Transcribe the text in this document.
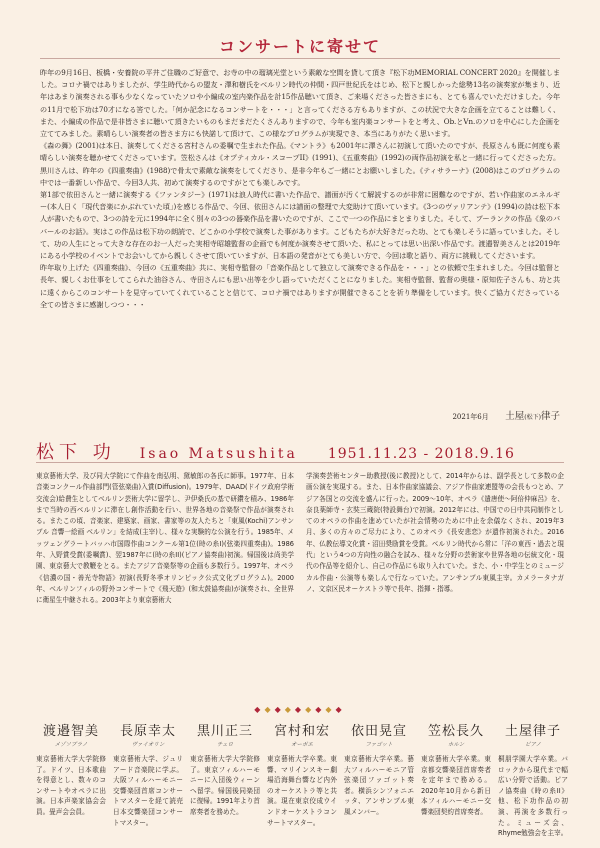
コンサートに寄せて

昨年の9月16日、板橋・安養院の平井ご住職のご好意で、お寺の中の瑠璃光堂という素敵な空間を貸して頂き『松下功MEMORIAL CONCERT 2020』を開催しました。コロナ禍ではありましたが、学生時代からの盟友・澤和樹氏をベルリン時代の仲間・四戸世紀氏をはじめ、松下と親しかった総勢13名の演奏家が集まり、近年はあまり演奏される事も少なくなっていたソロや小編成の室内楽作品を計15作品聴いて頂き、ご来場くださった皆さまにも、とても喜んでいただけました。今年の11月で松下功は70才になる筈でした。「何か記念になるコンサートを・・・」と言ってくださる方もありますが、この状況で大きな企画を立てることは難しく、また、小編成の作品で是非皆さまに聴いて頂きたいものもまだまだたくさんありますので、今年も室内楽コンサートをと考え、Ob.とVn.のソロを中心にした企画を立ててみました。素晴らしい演奏者の皆さま方にも快諾して頂けて、この様なプログラムが実現でき、本当にありがたく思います。

《森の舞》(2001)は本日、演奏してくださる宮村さんの委嘱で生まれた作品。《マントラ》も2001年に澤さんに初演して頂いたのですが、長原さんも既に何度も素晴らしい演奏を聴かせてくださっています。笠松さんは《オプティカル・スコープII》(1991)、《五重奏曲》(1992)の両作品初演を私と一緒に行ってくださった方。黒川さんは、昨年の《四重奏曲》(1988)で骨太で素敵な演奏をしてくださり、是非今年もご一緒にとお願いしました。《ティサラーナ》(2008)はこのプログラムの中では一番新しい作品で、今回3人共、初めて演奏するのですがとても楽しみです。

第1部で依田さんと一緒に演奏する《ファンタジー》(1971)は浪人時代に書いた作品で、譜面が汚くて解読するのが非常に困難なのですが、若い作曲家のエネルギー(本人日く「現代音楽にかぶれていた頃」)を感じる作品で、今回、依田さんには譜面の整理で大変助けて頂いています。《3つのヴァリアンテ》(1994)の詩は松下本人が書いたもので、3つの詩を元に1994年に全く別々の3つの器楽作品を書いたのですが、ここで一つの作品にまとまりました。そして、ブーランクの作品《象のババールのお話》。実はこの作品は松下功の朗読で、どこかの小学校で演奏した事があります。こどもたちが大好きだった功、とても楽しそうに語っていました。そして、功の人生にとって大きな存在のお一人だった実相寺昭雄監督の企画でも何度か演奏させて頂いた、私にとっては思い出深い作品です。渡邉智美さんとは2019年にある小学校のイベントでお会いしてから親しくさせて頂いていますが、日本語の発音がとても美しい方で、今回は歌と語り、両方に挑戦してくださいます。

昨年取り上げた《四重奏曲》、今回の《五重奏曲》共に、実相寺監督の「音楽作品として独立して演奏できる作品を・・・」との依頼で生まれました。今回は監督と長年、親しくお仕事をしてこられた油谷さん、寺田さんにも思い出等を少し語っていただくことになりました。実相寺監督、監督の奥様・原知佐子さんも、功と共に遠くからこのコンサートを見守っていてくれていることと信じて、コロナ禍ではありますが開催できることを祈り準備をしています。快くご協力くださっている全ての皆さまに感謝しつつ・・・

2021年6月 土屋(松下)律子
松下 功 Isao Matsushita 1951.11.23 - 2018.9.16
東京藝術大学、及び同大学院にて作曲を南弘明、黛敏郎の各氏に師事。1977年、日本音楽コンクール作曲部門(管弦楽曲)入賞(Diffusion)。1979年、DAAD(ドイツ政府学術交流会)給費生としてベルリン芸術大学に留学し、尹伊桑氏の基で研鑽を積み、1986年まで当時の西ベルリンに滞在し創作活動を行い、世界各地の音楽祭で作品が演奏される。またこの頃、音楽家、建築家、画家、書家等の友人たちと「東風(Kochi)アンサンブル 音響一絵画 ベルリン」を結成(主宰)し、様々な実験的な公演を行う。1985年、メッツェングラートバッハ市国際作曲コンクール第1位(時の糸I)(弦楽四重奏曲)。1986年、入野賞受賞(委嘱賞)、翌1987年に(時の糸II)(ピアノ協奏曲)初演。帰国後は尚美学園、東京藝大で教鞭をとる。またアジア音楽祭等の企画も多数行う。1997年、オペラ《信濃の国・善光寺物語》初演(長野冬季オリンピック公式文化プログラム)。2000年、ベルリンフィルの野外コンサートで《飛天遊》(和太鼓協奏曲)が演奏され、全世界に衛星生中継される。2003年より東京藝術大
学演奏芸術センター助教授(後に教授)として、2014年からは、副学長として多数の企画公演を実現する。また、日本作曲家協議会、アジア作曲家連盟等の会長もつとめ、アジア各国との交流を盛んに行った。2009〜10年、オペラ《遣唐使〜阿倍仲麻呂》を、奈良薬師寺・玄奘三蔵院(特設舞台)で初演。2012年には、中国での日中共同制作としてのオペラの作曲を進めていたが社会情勢のために中止を余儀なくされ、2019年3月、多くの方々のご尽力により、このオペラ《長安悲恋》が遺作初演された。2016年、仏教伝導文化賞・沼田奨励賞を受賞。ベルリン時代から常に「洋の東西・過去と現代」という4つの方向性の融合を試み、様々な分野の芸術家や世界各地の伝統文化・現代の作品等を紹介し、自己の作品にも取り入れていた。また、小・中学生とのミュージカル作曲・公演等も楽しんで行なっていた。アンサンブル東風主宰。カメラータナガノ、文京区民オーケストラ等で長年、指揮・指導。
◆◆◆◆◆◆◆◆◆
渡邉智美
メゾソプラノ
東京藝術大学大学院修了。ドイツ、日本歌曲を得意とし、数々のコンサートやオペラに出演。日本声楽家協会会員。畳声会会員。
長原幸太
ヴァイオリン
東京藝術大学、ジュリアード音楽院に学ぶ。大阪フィルハーモニー交響楽団首席コンサートマスターを経て読売日本交響楽団コンサートマスター。
黒川正三
チェロ
東京藝術大学大学院修了。東京フィルハーモニーに入団後ウィーンへ留学。帰国後同楽団に復帰。1991年より首席奏者を務めた。
宮村和宏
オーボエ
東京藝術大学卒業。東響、マリインスキー劇場沿海舞台響など内外のオーケストラ等と共演。現在東京佼成ウインドオーケストラコンサートマスター。
依田晃宣
ファゴット
東京藝術大学卒業。藝大フィルハーモニア管弦楽団ファゴット奏者。横浜シンフォニエッタ、アンサンブル東風メンバー。
笠松長久
ホルン
東京藝術大学卒業。東京都交響楽団首席奏者を定年まで務める。2020年10月から新日本フィルハーモニー交響楽団契約首席奏者。
土屋律子
ピアノ
桐朋学園大学卒業。バロックから現代まで幅広い分野で活動。ピアノ協奏曲《時の糸II》他、松下功作品の初演、再演を多数行った。ミューズ会、Rhyme勉強会を主宰。
